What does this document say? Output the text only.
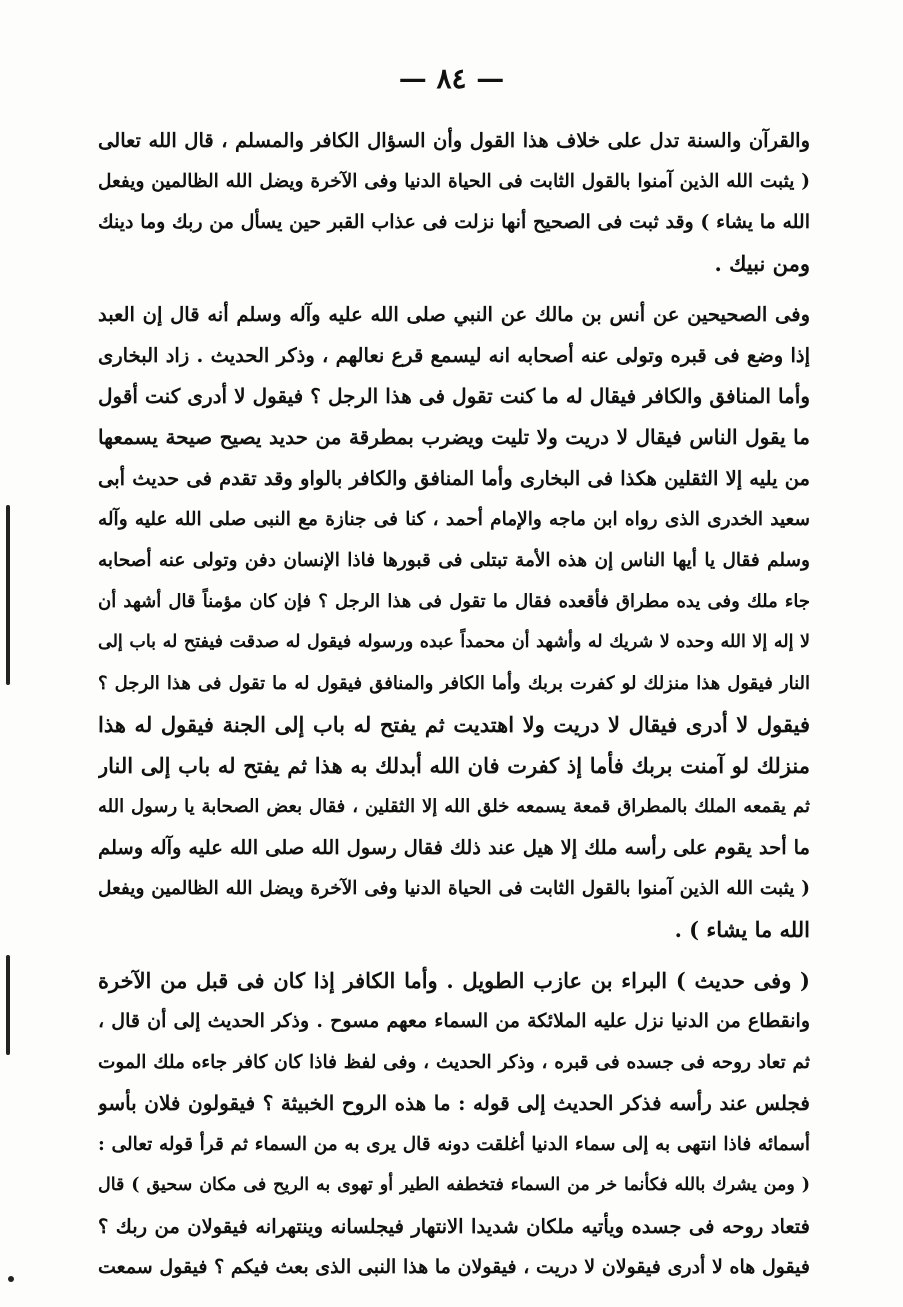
— ٨٤ —
والقرآن والسنة تدل على خلاف هذا القول وأن السؤال الكافر والمسلم ، قال الله تعالى
( يثبت الله الذين آمنوا بالقول الثابت فى الحياة الدنيا وفى الآخرة ويضل الله الظالمين ويفعل
الله ما يشاء ) وقد ثبت فى الصحيح أنها نزلت فى عذاب القبر حين يسأل من ربك وما دينك
ومن نبيك .
وفى الصحيحين عن أنس بن مالك عن النبي صلى الله عليه وآله وسلم أنه قال إن العبد
إذا وضع فى قبره وتولى عنه أصحابه انه ليسمع قرع نعالهم ، وذكر الحديث . زاد البخارى
وأما المنافق والكافر فيقال له ما كنت تقول فى هذا الرجل ؟ فيقول لا أدرى كنت أقول
ما يقول الناس فيقال لا دريت ولا تليت ويضرب بمطرقة من حديد يصيح صيحة يسمعها
من يليه إلا الثقلين هكذا فى البخارى وأما المنافق والكافر بالواو وقد تقدم فى حديث أبى
سعيد الخدرى الذى رواه ابن ماجه والإمام أحمد ، كنا فى جنازة مع النبى صلى الله عليه وآله
وسلم فقال يا أيها الناس إن هذه الأمة تبتلى فى قبورها فاذا الإنسان دفن وتولى عنه أصحابه
جاء ملك وفى يده مطراق فأقعده فقال ما تقول فى هذا الرجل ؟ فإن كان مؤمناً قال أشهد أن
لا إله إلا الله وحده لا شريك له وأشهد أن محمداً عبده ورسوله فيقول له صدقت فيفتح له باب إلى
النار فيقول هذا منزلك لو كفرت بربك وأما الكافر والمنافق فيقول له ما تقول فى هذا الرجل ؟
فيقول لا أدرى فيقال لا دريت ولا اهتديت ثم يفتح له باب إلى الجنة فيقول له هذا
منزلك لو آمنت بربك فأما إذ كفرت فان الله أبدلك به هذا ثم يفتح له باب إلى النار
ثم يقمعه الملك بالمطراق قمعة يسمعه خلق الله إلا الثقلين ، فقال بعض الصحابة يا رسول الله
ما أحد يقوم على رأسه ملك إلا هيل عند ذلك فقال رسول الله صلى الله عليه وآله وسلم
( يثبت الله الذين آمنوا بالقول الثابت فى الحياة الدنيا وفى الآخرة ويضل الله الظالمين ويفعل
الله ما يشاء ) .
( وفى حديث ) البراء بن عازب الطويل . وأما الكافر إذا كان فى قبل من الآخرة
وانقطاع من الدنيا نزل عليه الملائكة من السماء معهم مسوح . وذكر الحديث إلى أن قال ،
ثم تعاد روحه فى جسده فى قبره ، وذكر الحديث ، وفى لفظ فاذا كان كافر جاءه ملك الموت
فجلس عند رأسه فذكر الحديث إلى قوله : ما هذه الروح الخبيثة ؟ فيقولون فلان بأسو
أسمائه فاذا انتهى به إلى سماء الدنيا أغلقت دونه قال يرى به من السماء ثم قرأ قوله تعالى :
( ومن يشرك بالله فكأنما خر من السماء فتخطفه الطير أو تهوى به الريح فى مكان سحيق ) قال
فتعاد روحه فى جسده ويأتيه ملكان شديدا الانتهار فيجلسانه وينتهرانه فيقولان من ربك ؟
فيقول هاه لا أدرى فيقولان لا دريت ، فيقولان ما هذا النبى الذى بعث فيكم ؟ فيقول سمعت
